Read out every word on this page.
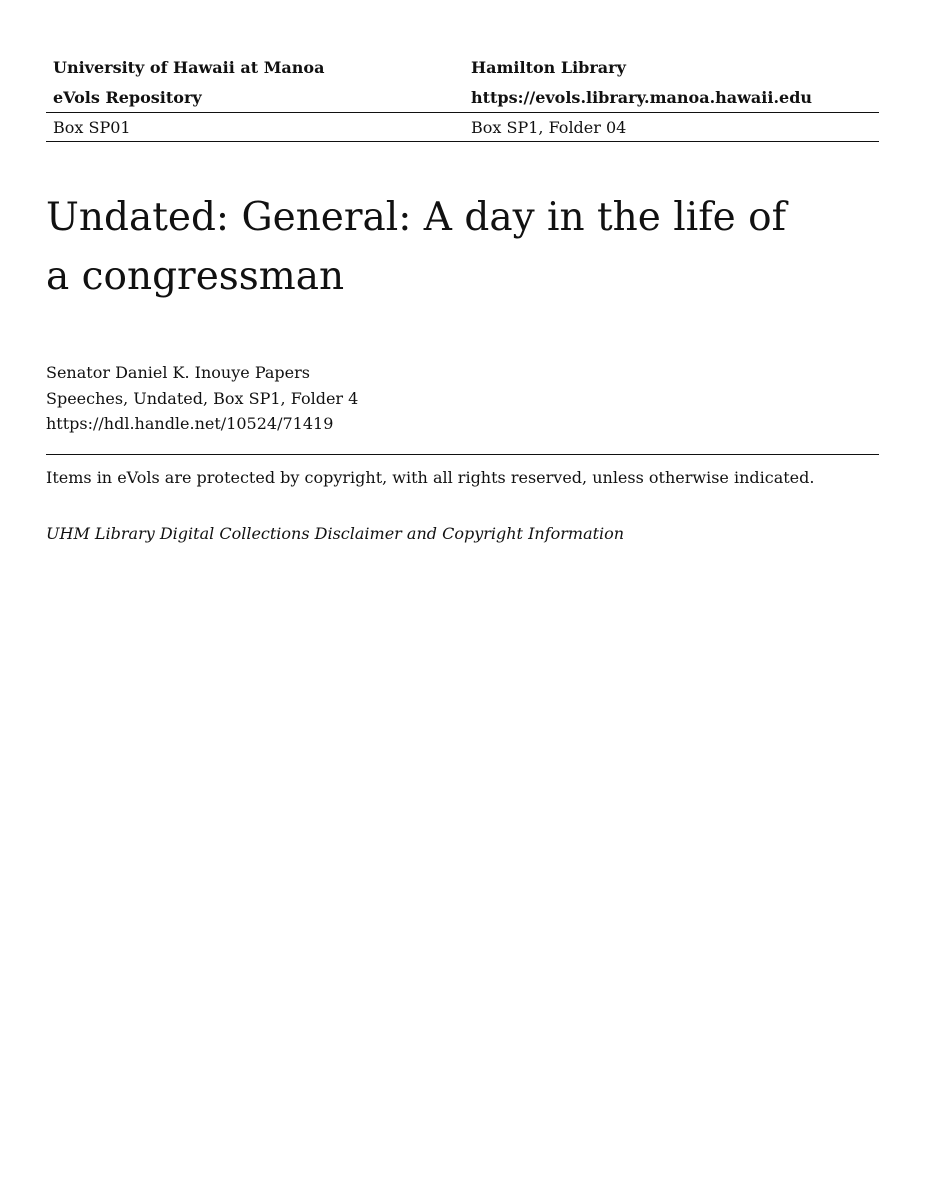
University of Hawaii at Manoa	Hamilton Library
eVols Repository	https://evols.library.manoa.hawaii.edu
Box SP01	Box SP1, Folder 04
Undated: General: A day in the life of
a congressman
Senator Daniel K. Inouye Papers
Speeches, Undated, Box SP1, Folder 4
https://hdl.handle.net/10524/71419
Items in eVols are protected by copyright, with all rights reserved, unless otherwise indicated.
UHM Library Digital Collections Disclaimer and Copyright Information
